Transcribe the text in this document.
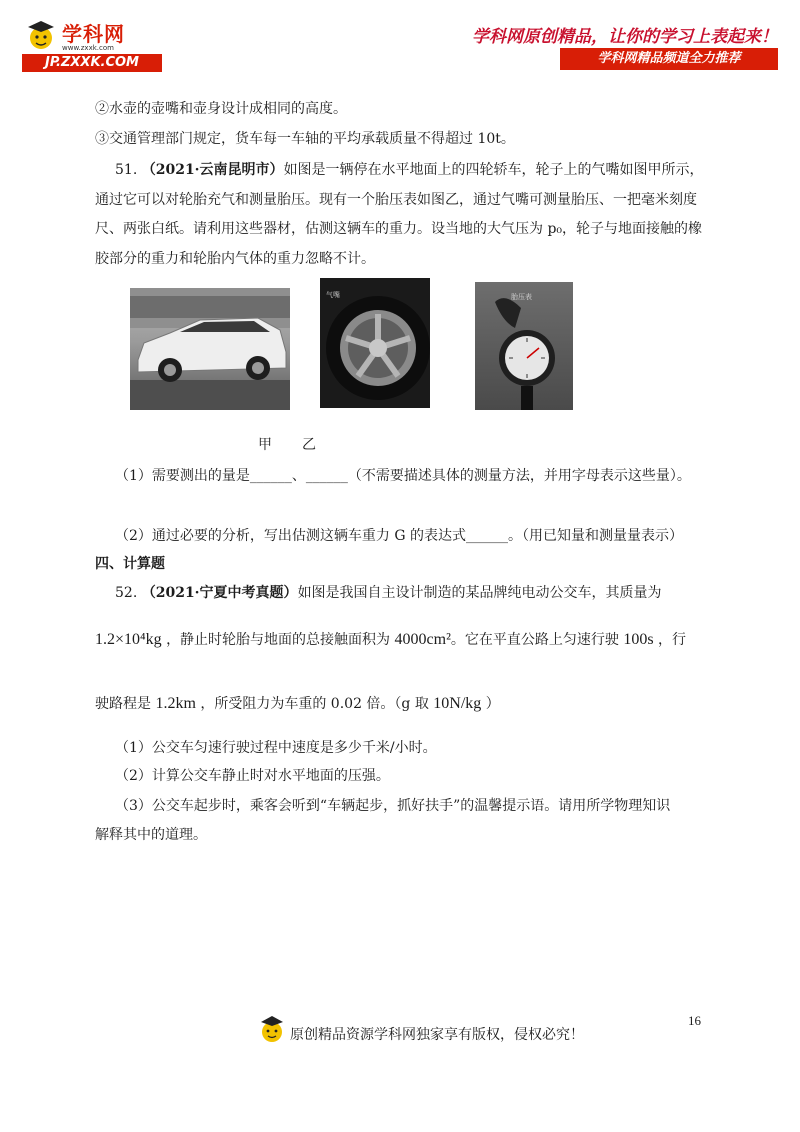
学科网
www.zxxk.com
JP.ZXXK.COM
学科网原创精品，让你的学习上表起来！
学科网精品频道全力推荐
②水壶的壶嘴和壶身设计成相同的高度。
③交通管理部门规定，货车每一车轴的平均承载质量不得超过 10t。
51. （2021·云南昆明市）如图是一辆停在水平地面上的四轮轿车，轮子上的气嘴如图甲所示，
通过它可以对轮胎充气和测量胎压。现有一个胎压表如图乙，通过气嘴可测量胎压、一把毫米刻度
尺、两张白纸。请利用这些器材，估测这辆车的重力。设当地的大气压为 p₀，轮子与地面接触的橡
胶部分的重力和轮胎内气体的重力忽略不计。
气嘴	胎压表
甲 乙
（1）需要测出的量是______、______（不需要描述具体的测量方法，并用字母表示这些量）。
（2）通过必要的分析，写出估测这辆车重力 G 的表达式______。（用已知量和测量量表示）
四、计算题
52. （2021·宁夏中考真题）如图是我国自主设计制造的某品牌纯电动公交车，其质量为
1.2×10⁴kg ，静止时轮胎与地面的总接触面积为 4000cm²。它在平直公路上匀速行驶 100s ，行
驶路程是 1.2km ，所受阻力为车重的 0.02 倍。（g 取 10N/kg ）
（1）公交车匀速行驶过程中速度是多少千米/小时。
（2）计算公交车静止时对水平地面的压强。
（3）公交车起步时，乘客会听到“车辆起步，抓好扶手”的温馨提示语。请用所学物理知识
解释其中的道理。
16
原创精品资源学科网独家享有版权，侵权必究！
